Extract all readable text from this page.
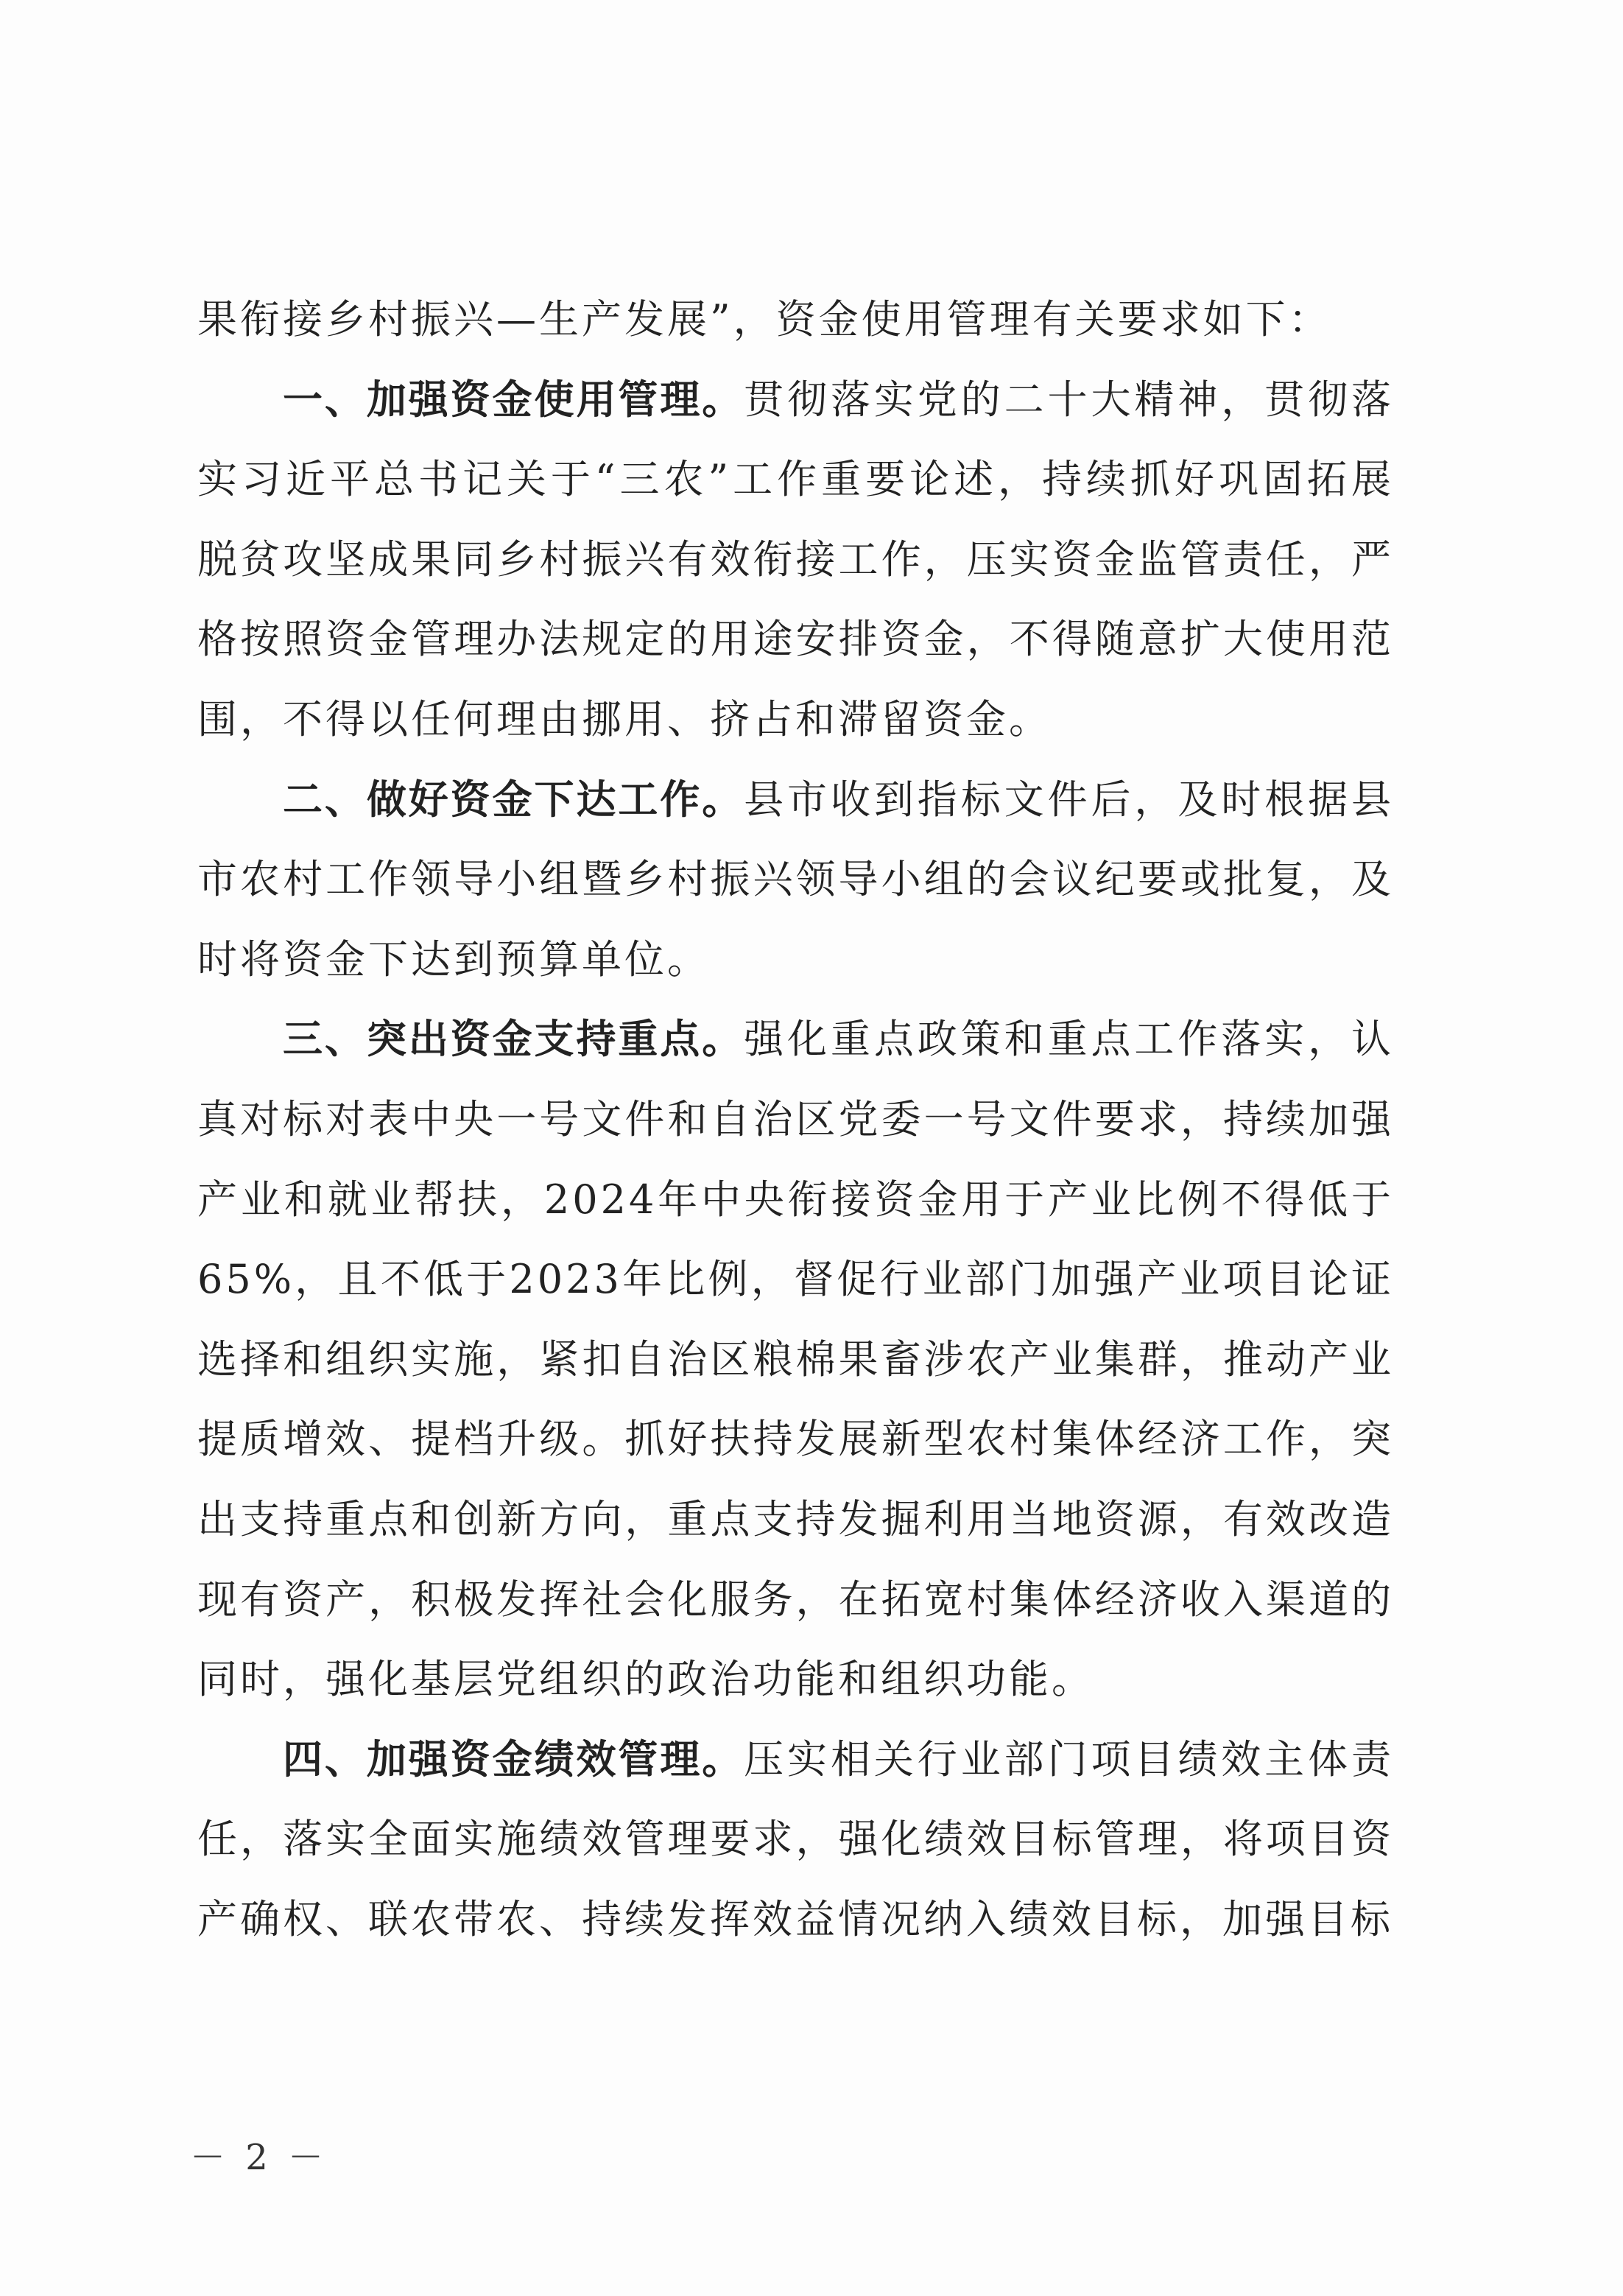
果衔接乡村振兴—生产发展”，资金使用管理有关要求如下：

一、加强资金使用管理。贯彻落实党的二十大精神，贯彻落实习近平总书记关于“三农”工作重要论述，持续抓好巩固拓展脱贫攻坚成果同乡村振兴有效衔接工作，压实资金监管责任，严格按照资金管理办法规定的用途安排资金，不得随意扩大使用范围，不得以任何理由挪用、挤占和滞留资金。

二、做好资金下达工作。县市收到指标文件后，及时根据县市农村工作领导小组暨乡村振兴领导小组的会议纪要或批复，及时将资金下达到预算单位。

三、突出资金支持重点。强化重点政策和重点工作落实，认真对标对表中央一号文件和自治区党委一号文件要求，持续加强产业和就业帮扶，2024年中央衔接资金用于产业比例不得低于65%，且不低于2023年比例，督促行业部门加强产业项目论证选择和组织实施，紧扣自治区粮棉果畜涉农产业集群，推动产业提质增效、提档升级。抓好扶持发展新型农村集体经济工作，突出支持重点和创新方向，重点支持发掘利用当地资源，有效改造现有资产，积极发挥社会化服务，在拓宽村集体经济收入渠道的同时，强化基层党组织的政治功能和组织功能。

四、加强资金绩效管理。压实相关行业部门项目绩效主体责任，落实全面实施绩效管理要求，强化绩效目标管理，将项目资产确权、联农带农、持续发挥效益情况纳入绩效目标，加强目标

－ 2 －
